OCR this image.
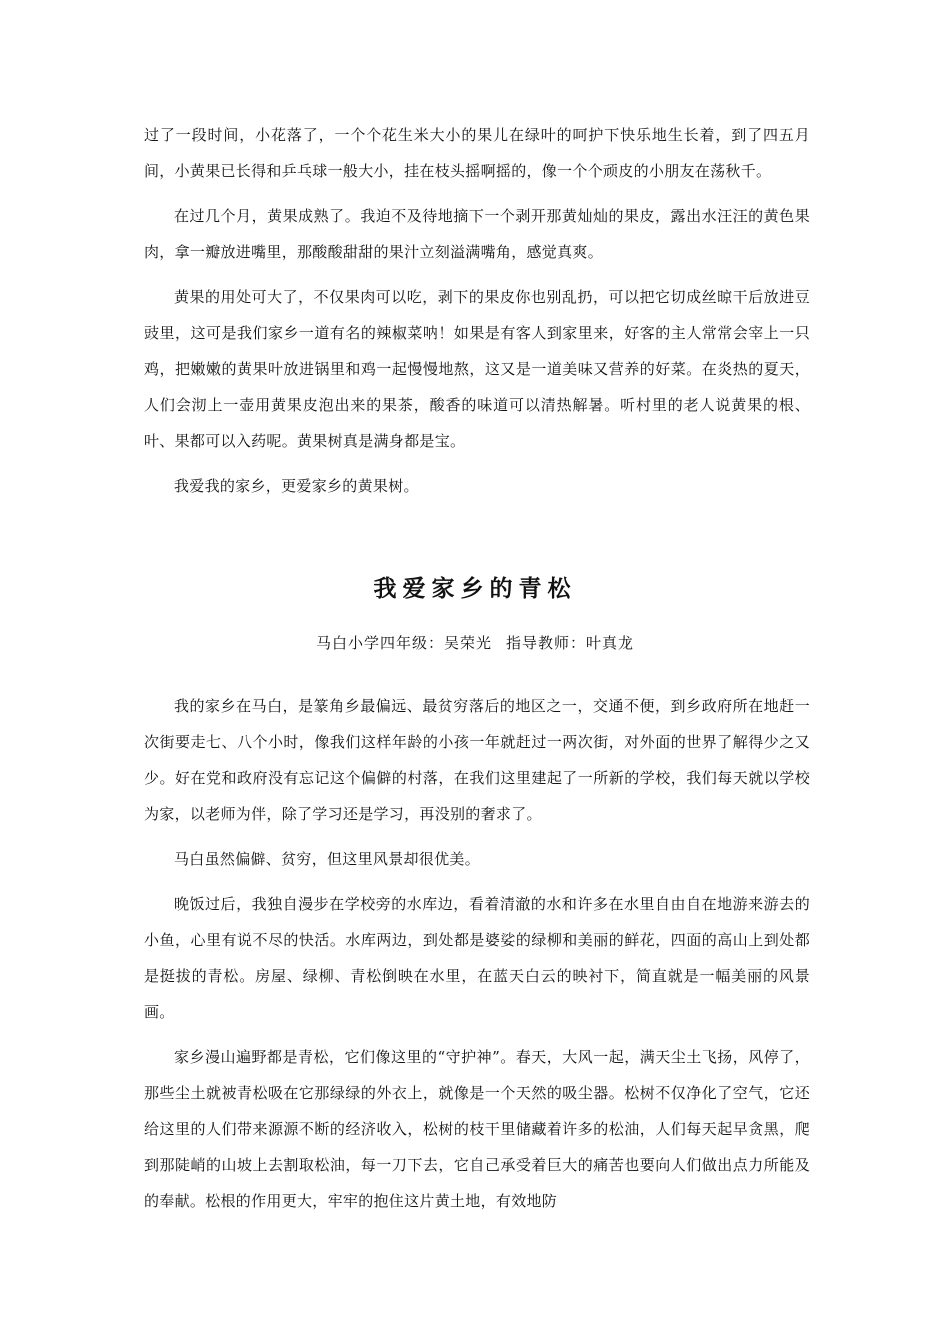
过了一段时间，小花落了，一个个花生米大小的果儿在绿叶的呵护下快乐地生长着，到了四五月间，小黄果已长得和乒乓球一般大小，挂在枝头摇啊摇的，像一个个顽皮的小朋友在荡秋千。

在过几个月，黄果成熟了。我迫不及待地摘下一个剥开那黄灿灿的果皮，露出水汪汪的黄色果肉，拿一瓣放进嘴里，那酸酸甜甜的果汁立刻溢满嘴角，感觉真爽。

黄果的用处可大了，不仅果肉可以吃，剥下的果皮你也别乱扔，可以把它切成丝晾干后放进豆豉里，这可是我们家乡一道有名的辣椒菜呐！如果是有客人到家里来，好客的主人常常会宰上一只鸡，把嫩嫩的黄果叶放进锅里和鸡一起慢慢地熬，这又是一道美味又营养的好菜。在炎热的夏天，人们会沏上一壶用黄果皮泡出来的果茶，酸香的味道可以清热解暑。听村里的老人说黄果的根、叶、果都可以入药呢。黄果树真是满身都是宝。

我爱我的家乡，更爱家乡的黄果树。

我爱家乡的青松

马白小学四年级：吴荣光 指导教师：叶真龙

我的家乡在马白，是篆角乡最偏远、最贫穷落后的地区之一，交通不便，到乡政府所在地赶一次街要走七、八个小时，像我们这样年龄的小孩一年就赶过一两次街，对外面的世界了解得少之又少。好在党和政府没有忘记这个偏僻的村落，在我们这里建起了一所新的学校，我们每天就以学校为家，以老师为伴，除了学习还是学习，再没别的奢求了。

马白虽然偏僻、贫穷，但这里风景却很优美。

晚饭过后，我独自漫步在学校旁的水库边，看着清澈的水和许多在水里自由自在地游来游去的小鱼，心里有说不尽的快活。水库两边，到处都是婆娑的绿柳和美丽的鲜花，四面的高山上到处都是挺拔的青松。房屋、绿柳、青松倒映在水里，在蓝天白云的映衬下，简直就是一幅美丽的风景画。

家乡漫山遍野都是青松，它们像这里的“守护神”。春天，大风一起，满天尘土飞扬，风停了，那些尘土就被青松吸在它那绿绿的外衣上，就像是一个天然的吸尘器。松树不仅净化了空气，它还给这里的人们带来源源不断的经济收入，松树的枝干里储藏着许多的松油，人们每天起早贪黑，爬到那陡峭的山坡上去割取松油，每一刀下去，它自己承受着巨大的痛苦也要向人们做出点力所能及的奉献。松根的作用更大，牢牢的抱住这片黄土地，有效地防
